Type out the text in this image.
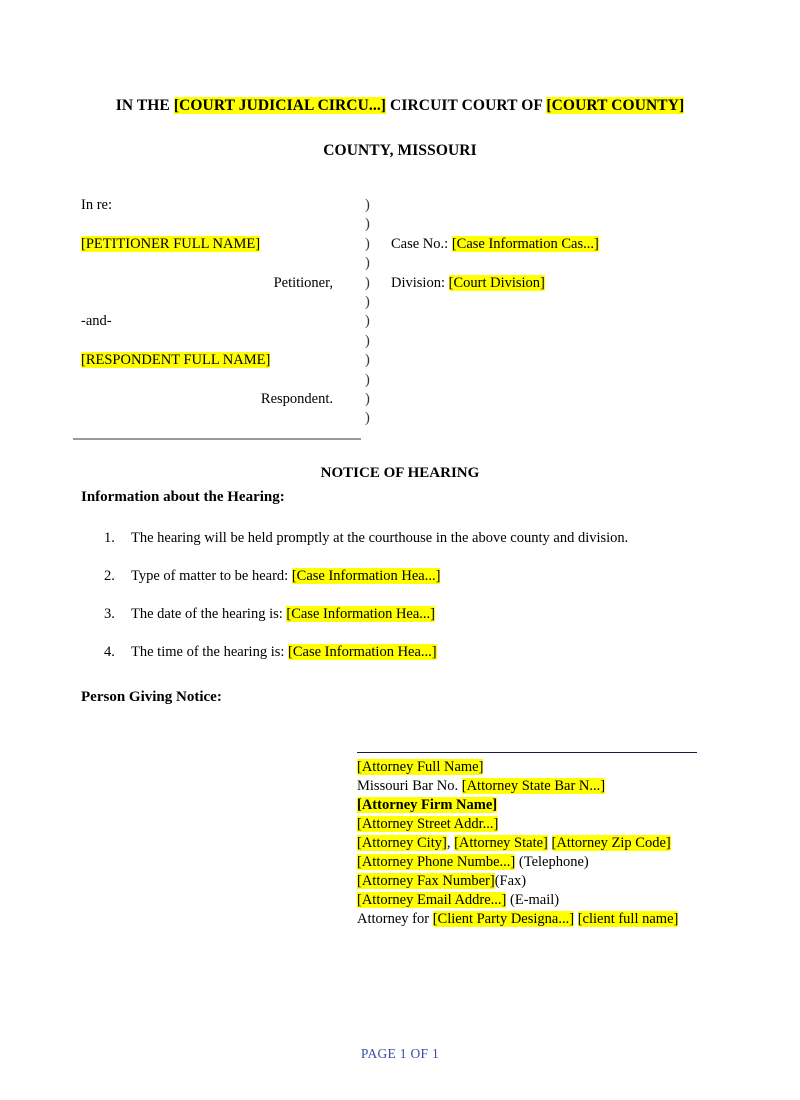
IN THE [COURT JUDICIAL CIRCU...] CIRCUIT COURT OF [COURT COUNTY]
COUNTY, MISSOURI
In re:
[PETITIONER FULL NAME]
Petitioner,
-and-
[RESPONDENT FULL NAME]
Respondent.
)
)
)
)
)
)
)
)
)
)
)
)
Case No.: [Case Information Cas...]
Division: [Court Division]
NOTICE OF HEARING
Information about the Hearing:
1. The hearing will be held promptly at the courthouse in the above county and division.
2. Type of matter to be heard: [Case Information Hea...]
3. The date of the hearing is: [Case Information Hea...]
4. The time of the hearing is: [Case Information Hea...]
Person Giving Notice:
[Attorney Full Name]
Missouri Bar No. [Attorney State Bar N...]
[Attorney Firm Name]
[Attorney Street Addr...]
[Attorney City], [Attorney State] [Attorney Zip Code]
[Attorney Phone Numbe...] (Telephone)
[Attorney Fax Number](Fax)
[Attorney Email Addre...] (E-mail)
Attorney for [Client Party Designa...] [client full name]
PAGE 1 OF 1
